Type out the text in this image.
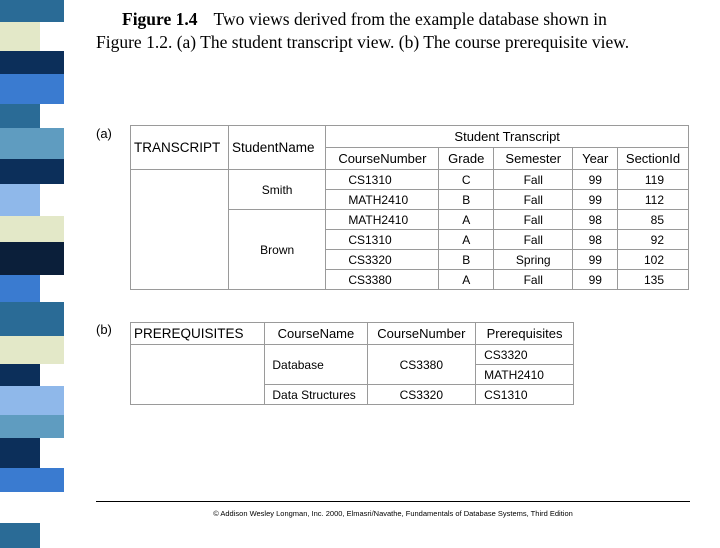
Figure 1.4 Two views derived from the example database shown in
Figure 1.2. (a) The student transcript view. (b) The course prerequisite view.
(a)
TRANSCRIPT	StudentName	Student Transcript				
		CourseNumber	Grade	Semester	Year	SectionId
	Smith	CS1310	C	Fall	99	119
		MATH2410	B	Fall	99	112
	Brown	MATH2410	A	Fall	98	85
		CS1310	A	Fall	98	92
		CS3320	B	Spring	99	102
		CS3380	A	Fall	99	135
(b) PREREQUISITES	CourseName	CourseNumber	Prerequisites
	Database	CS3380	CS3320
			MATH2410
	Data Structures	CS3320	CS1310
© Addison Wesley Longman, Inc. 2000, Elmasri/Navathe, Fundamentals of Database Systems, Third Edition
